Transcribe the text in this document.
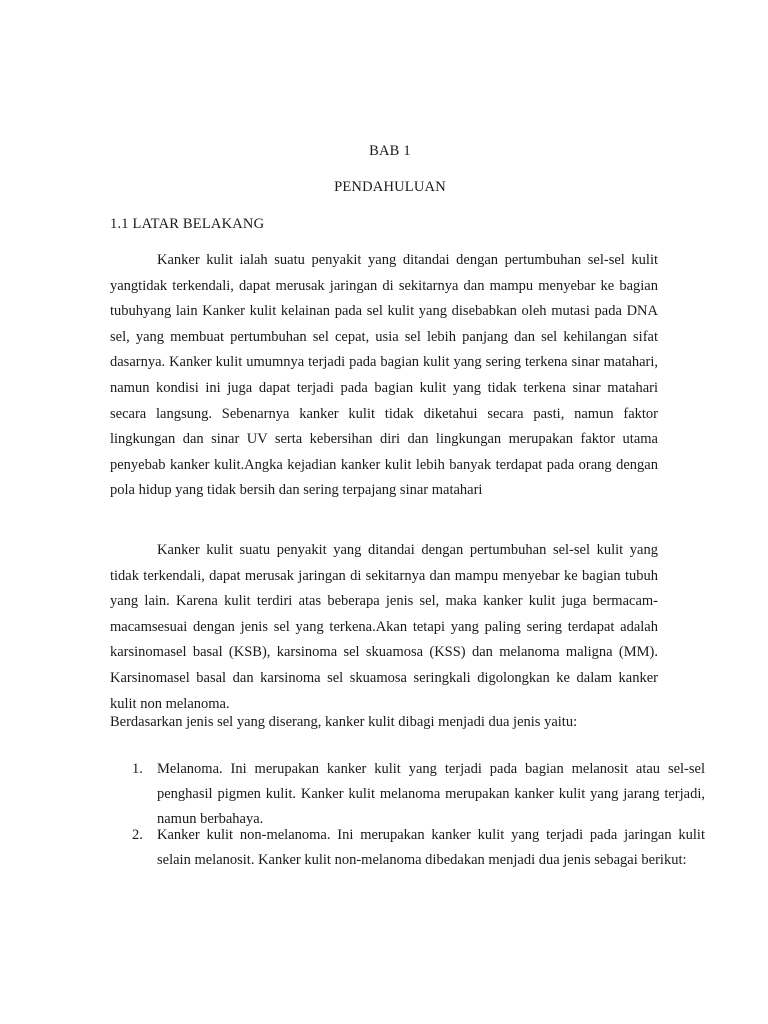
BAB 1
PENDAHULUAN
1.1 LATAR BELAKANG

Kanker kulit ialah suatu penyakit yang ditandai dengan pertumbuhan sel-sel kulit yangtidak terkendali, dapat merusak jaringan di sekitarnya dan mampu menyebar ke bagian tubuhyang lain Kanker kulit kelainan pada sel kulit yang disebabkan oleh mutasi pada DNA sel, yang membuat pertumbuhan sel cepat, usia sel lebih panjang dan sel kehilangan sifat dasarnya. Kanker kulit umumnya terjadi pada bagian kulit yang sering terkena sinar matahari, namun kondisi ini juga dapat terjadi pada bagian kulit yang tidak terkena sinar matahari secara langsung. Sebenarnya kanker kulit tidak diketahui secara pasti, namun faktor lingkungan dan sinar UV serta kebersihan diri dan lingkungan merupakan faktor utama penyebab kanker kulit.Angka kejadian kanker kulit lebih banyak terdapat pada orang dengan pola hidup yang tidak bersih dan sering terpajang sinar matahari

Kanker kulit suatu penyakit yang ditandai dengan pertumbuhan sel-sel kulit yang tidak terkendali, dapat merusak jaringan di sekitarnya dan mampu menyebar ke bagian tubuh yang lain. Karena kulit terdiri atas beberapa jenis sel, maka kanker kulit juga bermacam-macamsesuai dengan jenis sel yang terkena.Akan tetapi yang paling sering terdapat adalah karsinomasel basal (KSB), karsinoma sel skuamosa (KSS) dan melanoma maligna (MM). Karsinomasel basal dan karsinoma sel skuamosa seringkali digolongkan ke dalam kanker kulit non melanoma.

Berdasarkan jenis sel yang diserang, kanker kulit dibagi menjadi dua jenis yaitu:
1. Melanoma. Ini merupakan kanker kulit yang terjadi pada bagian melanosit atau sel-sel penghasil pigmen kulit. Kanker kulit melanoma merupakan kanker kulit yang jarang terjadi, namun berbahaya.
2. Kanker kulit non-melanoma. Ini merupakan kanker kulit yang terjadi pada jaringan kulit selain melanosit. Kanker kulit non-melanoma dibedakan menjadi dua jenis sebagai berikut:
